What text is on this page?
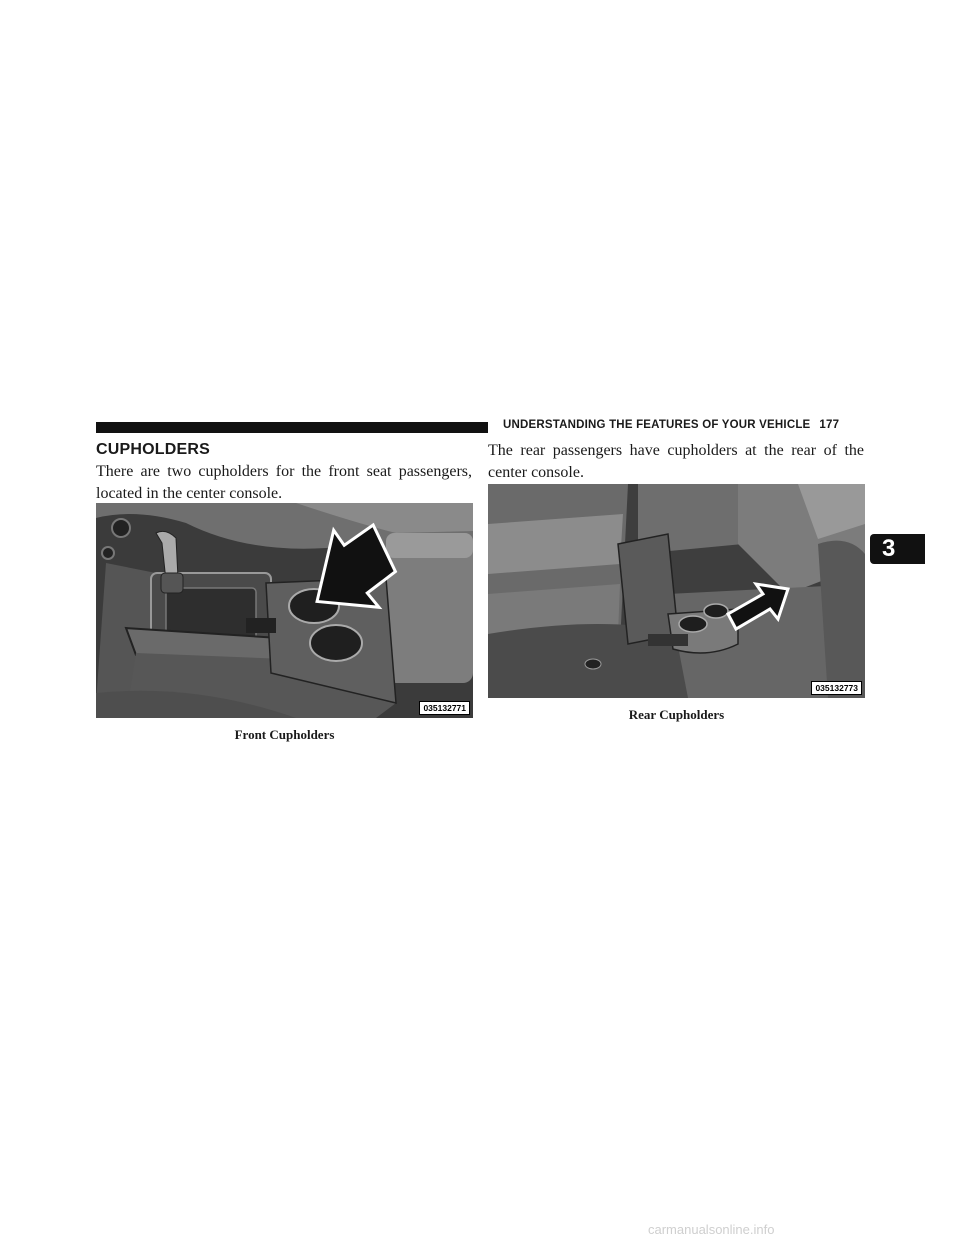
UNDERSTANDING THE FEATURES OF YOUR VEHICLE 177
CUPHOLDERS
There are two cupholders for the front seat passengers, located in the center console.
The rear passengers have cupholders at the rear of the center console.
035132771
Front Cupholders
035132773
Rear Cupholders
3
carmanualsonline.info
